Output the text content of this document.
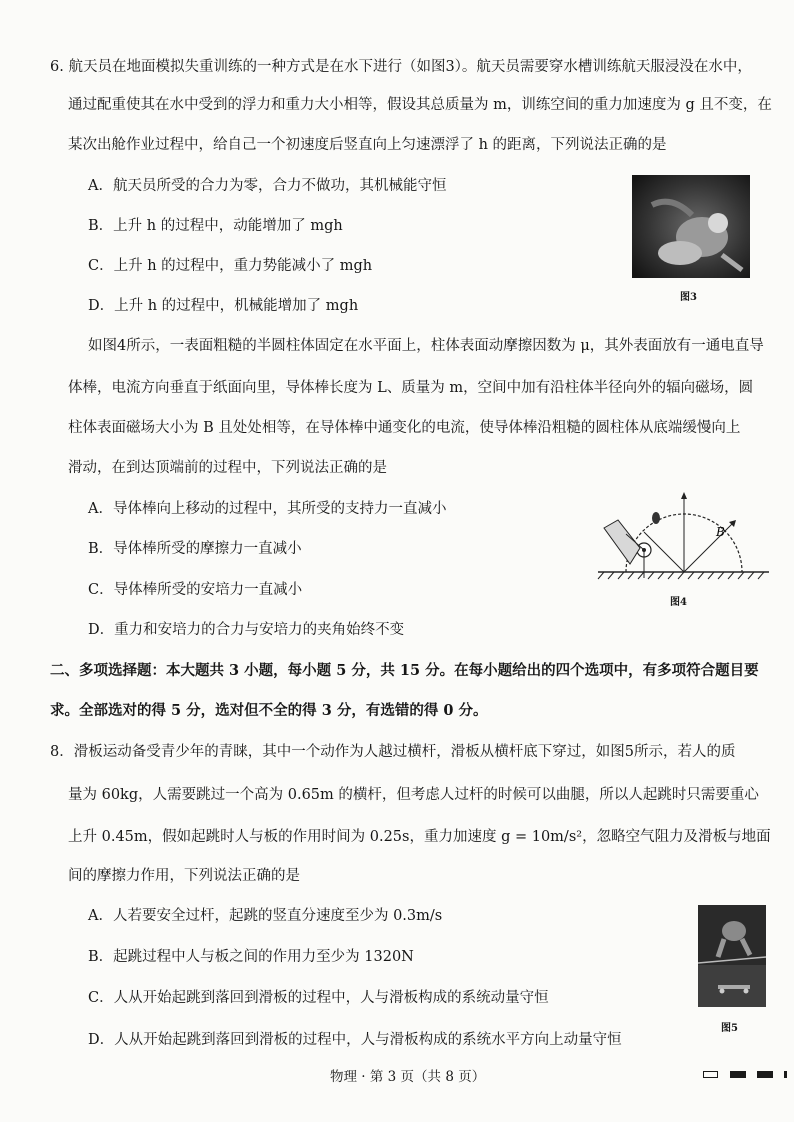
6. 航天员在地面模拟失重训练的一种方式是在水下进行（如图3）。航天员需要穿水槽训练航天服浸没在水中，
通过配重使其在水中受到的浮力和重力大小相等，假设其总质量为 m，训练空间的重力加速度为 g 且不变，在
某次出舱作业过程中，给自己一个初速度后竖直向上匀速漂浮了 h 的距离，下列说法正确的是
A．航天员所受的合力为零，合力不做功，其机械能守恒
B．上升 h 的过程中，动能增加了 mgh
C．上升 h 的过程中，重力势能减小了 mgh
D．上升 h 的过程中，机械能增加了 mgh
图3
如图4所示，一表面粗糙的半圆柱体固定在水平面上，柱体表面动摩擦因数为 μ，其外表面放有一通电直导
体棒，电流方向垂直于纸面向里，导体棒长度为 L、质量为 m，空间中加有沿柱体半径向外的辐向磁场，圆
柱体表面磁场大小为 B 且处处相等，在导体棒中通变化的电流，使导体棒沿粗糙的圆柱体从底端缓慢向上
滑动，在到达顶端前的过程中，下列说法正确的是
A．导体棒向上移动的过程中，其所受的支持力一直减小
B．导体棒所受的摩擦力一直减小
C．导体棒所受的安培力一直减小
D．重力和安培力的合力与安培力的夹角始终不变
B
图4
二、多项选择题：本大题共 3 小题，每小题 5 分，共 15 分。在每小题给出的四个选项中，有多项符合题目要
求。全部选对的得 5 分，选对但不全的得 3 分，有选错的得 0 分。
8．滑板运动备受青少年的青睐，其中一个动作为人越过横杆，滑板从横杆底下穿过，如图5所示，若人的质
量为 60kg，人需要跳过一个高为 0.65m 的横杆，但考虑人过杆的时候可以曲腿，所以人起跳时只需要重心
上升 0.45m，假如起跳时人与板的作用时间为 0.25s，重力加速度 g = 10m/s²，忽略空气阻力及滑板与地面
间的摩擦力作用，下列说法正确的是
A．人若要安全过杆，起跳的竖直分速度至少为 0.3m/s
B．起跳过程中人与板之间的作用力至少为 1320N
C．人从开始起跳到落回到滑板的过程中，人与滑板构成的系统动量守恒
D．人从开始起跳到落回到滑板的过程中，人与滑板构成的系统水平方向上动量守恒
图5
物理 · 第 3 页（共 8 页）
